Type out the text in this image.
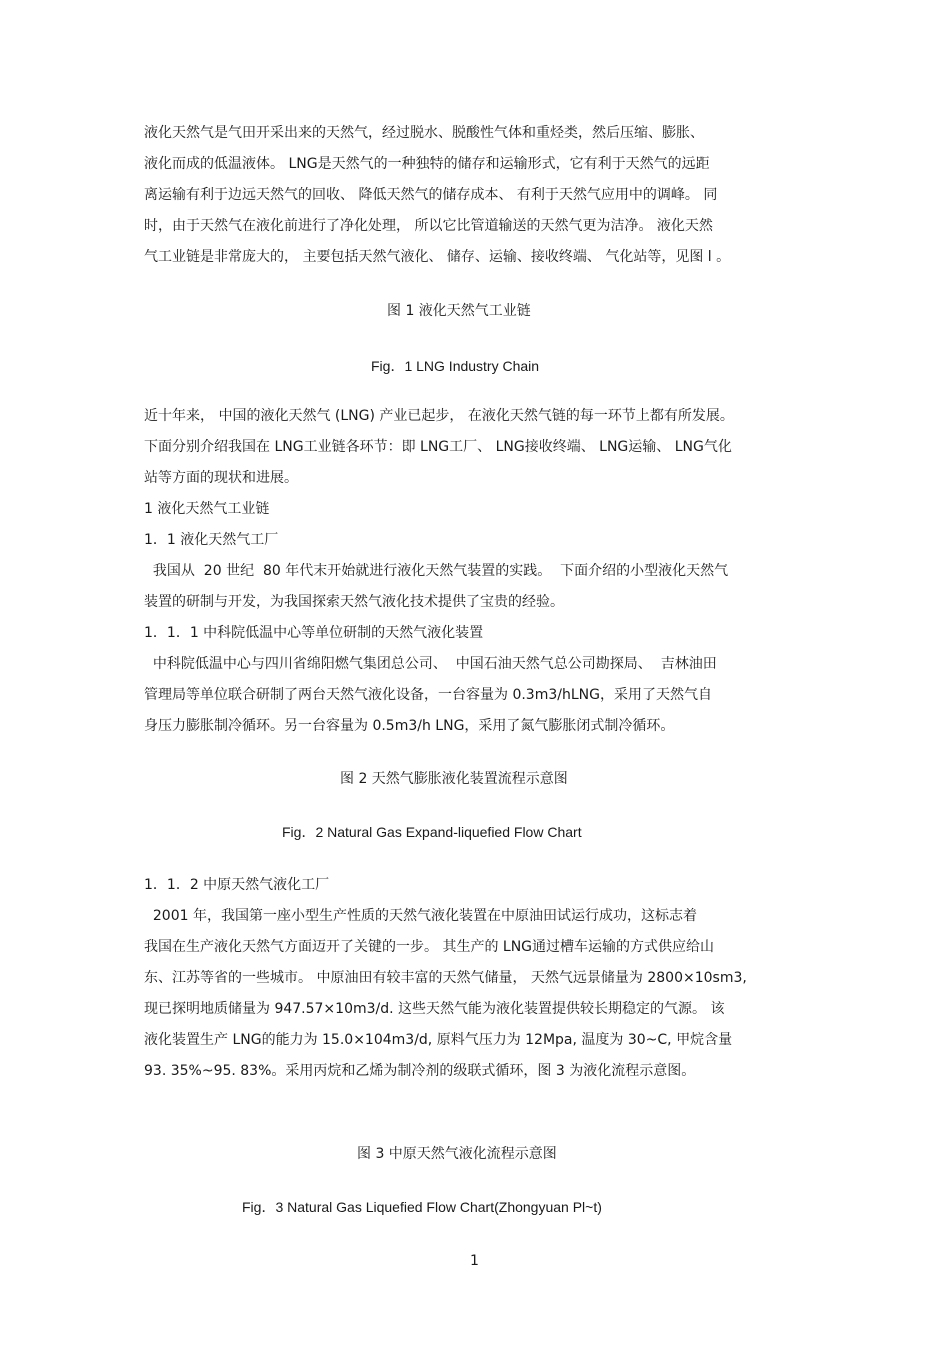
液化天然气是气田开采出来的天然气，经过脱水、脱酸性气体和重烃类，然后压缩、膨胀、
液化而成的低温液体。 LNG是天然气的一种独特的储存和运输形式，它有利于天然气的远距
离运输有利于边远天然气的回收、 降低天然气的储存成本、 有利于天然气应用中的调峰。 同
时，由于天然气在液化前进行了净化处理， 所以它比管道输送的天然气更为洁净。 液化天然
气工业链是非常庞大的， 主要包括天然气液化、 储存、运输、接收终端、 气化站等，见图 l 。
图 1 液化天然气工业链
Fig．1 LNG Industry Chain
近十年来， 中国的液化天然气 (LNG) 产业已起步， 在液化天然气链的每一环节上都有所发展。
下面分别介绍我国在 LNG工业链各环节：即 LNG工厂、 LNG接收终端、 LNG运输、 LNG气化
站等方面的现状和进展。
1 液化天然气工业链
1．1 液化天然气工厂
我国从  20 世纪  80 年代末开始就进行液化天然气装置的实践。  下面介绍的小型液化天然气
装置的研制与开发，为我国探索天然气液化技术提供了宝贵的经验。
1．1．1 中科院低温中心等单位研制的天然气液化装置
中科院低温中心与四川省绵阳燃气集团总公司、  中国石油天然气总公司勘探局、  吉林油田
管理局等单位联合研制了两台天然气液化设备，一台容量为 0.3m3/hLNG，采用了天然气自
身压力膨胀制冷循环。另一台容量为 0.5m3/h LNG，采用了氮气膨胀闭式制冷循环。
图 2 天然气膨胀液化装置流程示意图
Fig．2 Natural Gas Expand-liquefied Flow Chart
1．1．2 中原天然气液化工厂
2001 年，我国第一座小型生产性质的天然气液化装置在中原油田试运行成功，这标志着
我国在生产液化天然气方面迈开了关键的一步。 其生产的 LNG通过槽车运输的方式供应给山
东、江苏等省的一些城市。 中原油田有较丰富的天然气储量， 天然气远景储量为 2800×10sm3,
现已探明地质储量为 947.57×10m3/d. 这些天然气能为液化装置提供较长期稳定的气源。 该
液化装置生产 LNG的能力为 15.0×104m3/d, 原料气压力为 12Mpa, 温度为 30~C, 甲烷含量
93. 35%~95. 83%。采用丙烷和乙烯为制冷剂的级联式循环，图 3 为液化流程示意图。
图 3 中原天然气液化流程示意图
Fig．3 Natural Gas Liquefied Flow Chart(Zhongyuan Pl~t)
1
